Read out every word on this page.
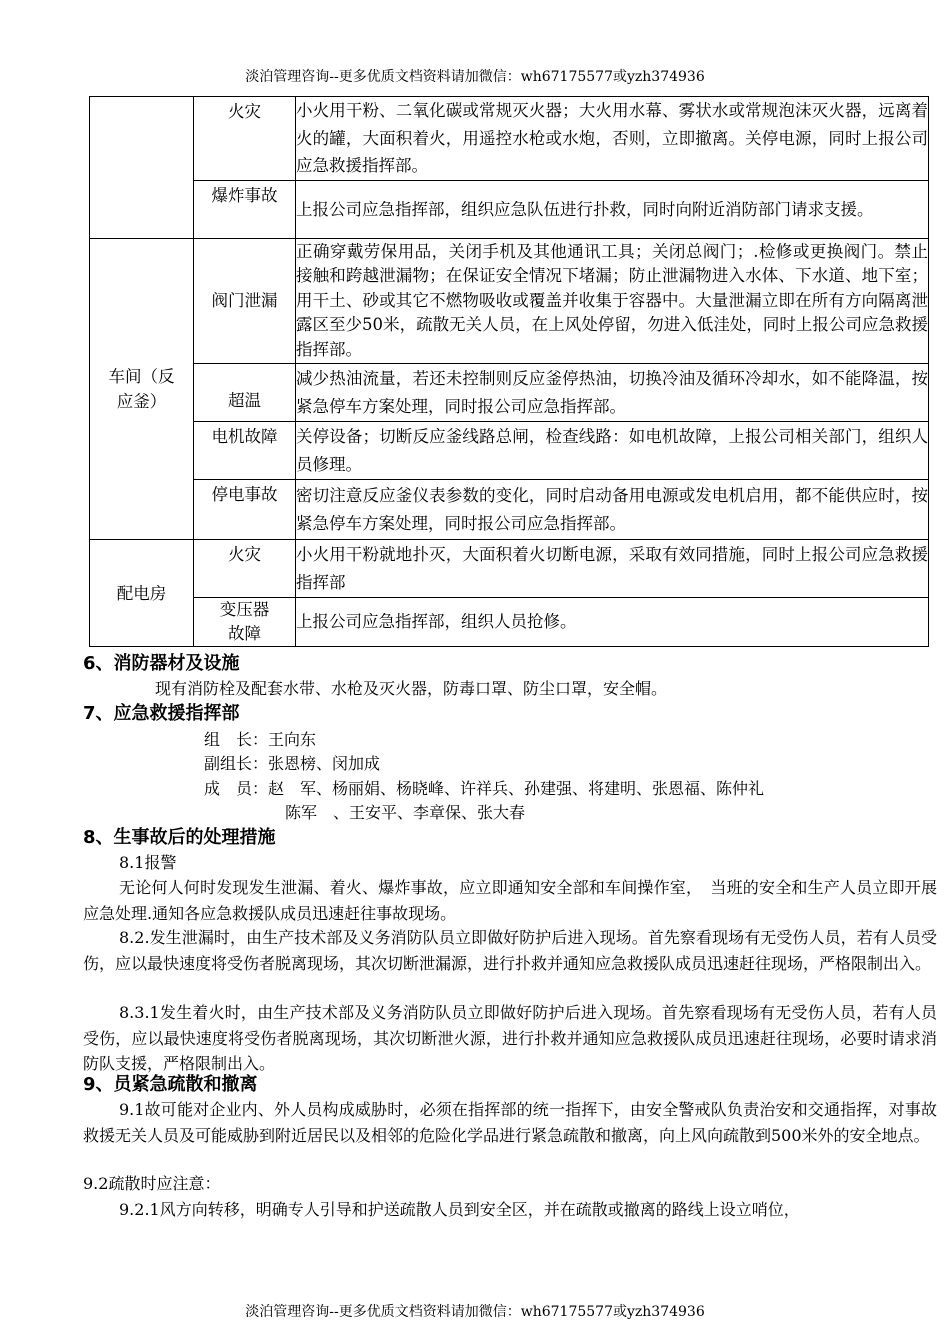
淡泊管理咨询--更多优质文档资料请加微信：wh67175577或yzh374936
	火灾	小火用干粉、二氧化碳或常规灭火器；大火用水幕、雾状水或常规泡沫灭火器，远离着火的罐，大面积着火，用遥控水枪或水炮，否则，立即撤离。关停电源，同时上报公司应急救援指挥部。
	爆炸事故	上报公司应急指挥部，组织应急队伍进行扑救，同时向附近消防部门请求支援。
车间（反应釜）	阀门泄漏	正确穿戴劳保用品，关闭手机及其他通讯工具；关闭总阀门；.检修或更换阀门。禁止接触和跨越泄漏物；在保证安全情况下堵漏；防止泄漏物进入水体、下水道、地下室；用干土、砂或其它不燃物吸收或覆盖并收集于容器中。大量泄漏立即在所有方向隔离泄露区至少50米，疏散无关人员，在上风处停留，勿进入低洼处，同时上报公司应急救援指挥部。
	超温	减少热油流量，若还未控制则反应釜停热油，切换冷油及循环冷却水，如不能降温，按紧急停车方案处理，同时报公司应急指挥部。
	电机故障	关停设备；切断反应釜线路总闸，检查线路：如电机故障，上报公司相关部门，组织人员修理。
	停电事故	密切注意反应釜仪表参数的变化，同时启动备用电源或发电机启用，都不能供应时，按紧急停车方案处理，同时报公司应急指挥部。
配电房	火灾	小火用干粉就地扑灭，大面积着火切断电源，采取有效同措施，同时上报公司应急救援指挥部
	变压器故障	上报公司应急指挥部，组织人员抢修。
6、消防器材及设施
现有消防栓及配套水带、水枪及灭火器，防毒口罩、防尘口罩，安全帽。
7、应急救援指挥部
组　长：王向东
副组长：张恩榜、闵加成
成　员：赵　军、杨丽娟、杨晓峰、许祥兵、孙建强、将建明、张恩福、陈仲礼
陈军　、王安平、李章保、张大春
8、生事故后的处理措施
8.1报警
无论何人何时发现发生泄漏、着火、爆炸事故，应立即通知安全部和车间操作室，　当班的安全和生产人员立即开展应急处理.通知各应急救援队成员迅速赶往事故现场。
8.2.发生泄漏时，由生产技术部及义务消防队员立即做好防护后进入现场。首先察看现场有无受伤人员，若有人员受伤，应以最快速度将受伤者脱离现场，其次切断泄漏源，进行扑救并通知应急救援队成员迅速赶往现场，严格限制出入。
8.3.1发生着火时，由生产技术部及义务消防队员立即做好防护后进入现场。首先察看现场有无受伤人员，若有人员受伤，应以最快速度将受伤者脱离现场，其次切断泄火源，进行扑救并通知应急救援队成员迅速赶往现场，必要时请求消防队支援，严格限制出入。
9、员紧急疏散和撤离
9.1故可能对企业内、外人员构成威胁时，必须在指挥部的统一指挥下，由安全警戒队负责治安和交通指挥，对事故救援无关人员及可能威胁到附近居民以及相邻的危险化学品进行紧急疏散和撤离，向上风向疏散到500米外的安全地点。
9.2疏散时应注意：
9.2.1风方向转移，明确专人引导和护送疏散人员到安全区，并在疏散或撤离的路线上设立哨位，
淡泊管理咨询--更多优质文档资料请加微信：wh67175577或yzh374936
